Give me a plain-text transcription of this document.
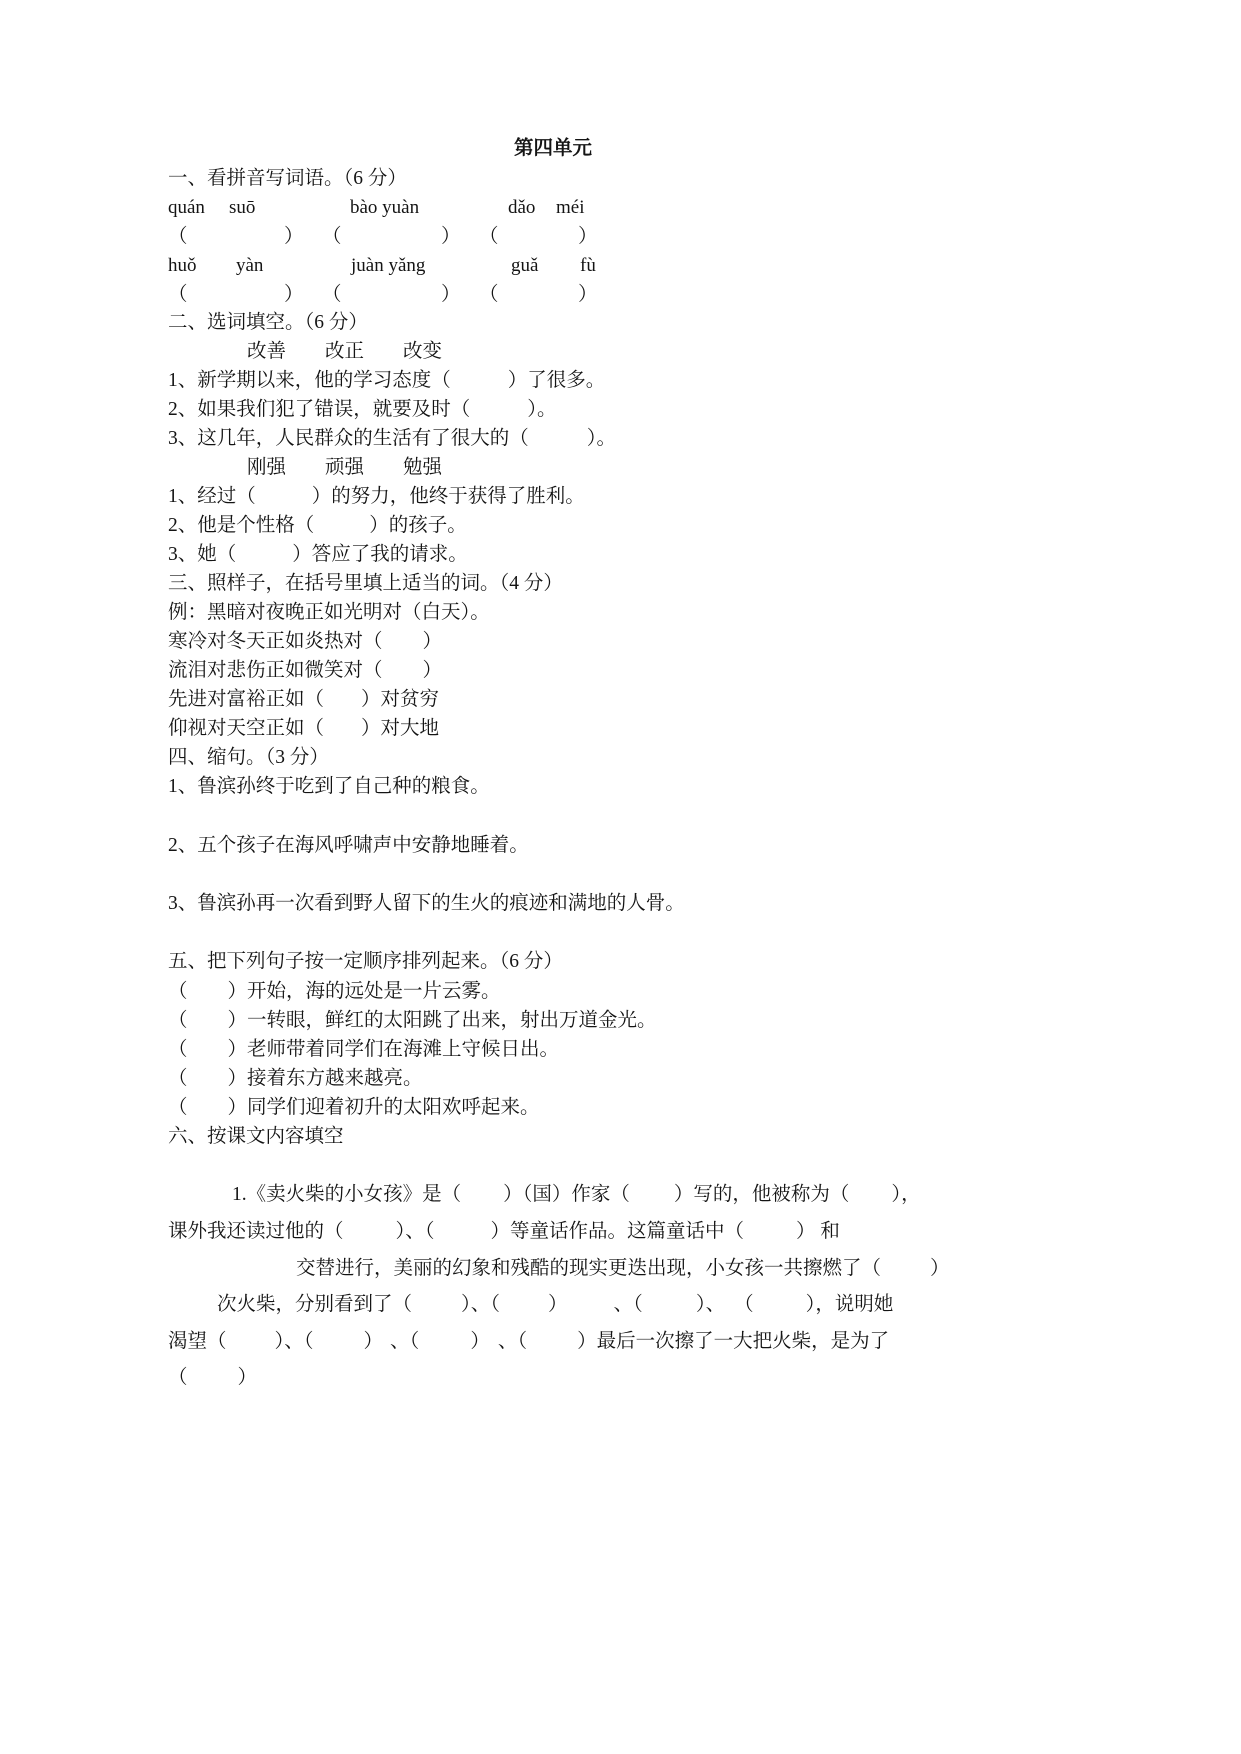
第四单元
一、看拼音写词语。（6 分）
quán suō	bào yuàn	dǎo méi
（	） （	） （	）
huǒ yàn	juàn yǎng	guǎ fù
（	） （	） （	）
二、选词填空。（6 分）
改善 改正 改变
1、新学期以来，他的学习态度（	）了很多。
2、如果我们犯了错误，就要及时（	）。
3、这几年，人民群众的生活有了很大的（	）。
刚强 顽强 勉强
1、经过（	）的努力，他终于获得了胜利。
2、他是个性格（	）的孩子。
3、她（	）答应了我的请求。
三、照样子，在括号里填上适当的词。（4 分）
例：黑暗对夜晚正如光明对（白天）。
寒冷对冬天正如炎热对（ ）
流泪对悲伤正如微笑对（ ）
先进对富裕正如（ ）对贫穷
仰视对天空正如（ ）对大地
四、缩句。（3 分）
1、鲁滨孙终于吃到了自己种的粮食。
2、五个孩子在海风呼啸声中安静地睡着。
3、鲁滨孙再一次看到野人留下的生火的痕迹和满地的人骨。
五、把下列句子按一定顺序排列起来。（6 分）
（ ）开始，海的远处是一片云雾。
（ ）一转眼，鲜红的太阳跳了出来，射出万道金光。
（ ）老师带着同学们在海滩上守候日出。
（ ）接着东方越来越亮。
（ ）同学们迎着初升的太阳欢呼起来。
六、按课文内容填空
1.《卖火柴的小女孩》是（ ）（国）作家（ ）写的，他被称为（ ），
课外我还读过他的（	）、（	）等童话作品。这篇童话中（	） 和
交替进行，美丽的幻象和残酷的现实更迭出现，小女孩一共擦燃了（	）
次火柴，分别看到了（	）、（ ） 、（	）、 （	），说明她
渴望（ ）、（	） 、（	） 、（	）最后一次擦了一大把火柴，是为了
（	）
